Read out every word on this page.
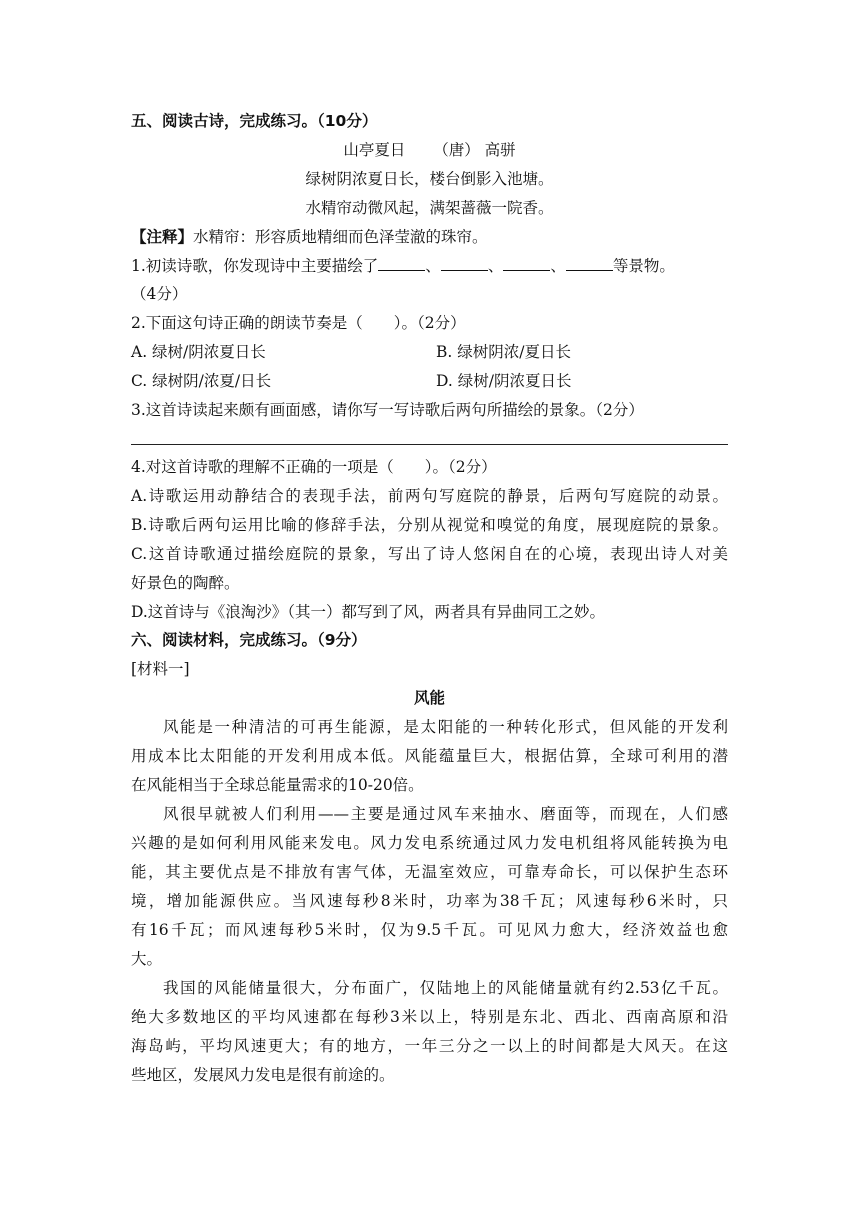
五、阅读古诗，完成练习。（10分）
山亭夏日 （唐） 高骈
绿树阴浓夏日长，楼台倒影入池塘。
水精帘动微风起，满架蔷薇一院香。
【注释】水精帘：形容质地精细而色泽莹澈的珠帘。
1.初读诗歌，你发现诗中主要描绘了	、	、	、	等景物。
（4分）
2.下面这句诗正确的朗读节奏是（　　）。（2分）
A. 绿树/阴浓夏日长	B. 绿树阴浓/夏日长
C. 绿树阴/浓夏/日长	D. 绿树/阴浓夏日长
3.这首诗读起来颇有画面感，请你写一写诗歌后两句所描绘的景象。（2分）
4.对这首诗歌的理解不正确的一项是（　　）。（2分）
A.诗歌运用动静结合的表现手法，前两句写庭院的静景，后两句写庭院的动景。
B.诗歌后两句运用比喻的修辞手法，分别从视觉和嗅觉的角度，展现庭院的景象。
C.这首诗歌通过描绘庭院的景象，写出了诗人悠闲自在的心境，表现出诗人对美
好景色的陶醉。
D.这首诗与《浪淘沙》（其一）都写到了风，两者具有异曲同工之妙。
六、阅读材料，完成练习。（9分）
[材料一]
风能
风能是一种清洁的可再生能源，是太阳能的一种转化形式，但风能的开发利
用成本比太阳能的开发利用成本低。风能蕴量巨大，根据估算，全球可利用的潜
在风能相当于全球总能量需求的10-20倍。
风很早就被人们利用——主要是通过风车来抽水、磨面等，而现在，人们感
兴趣的是如何利用风能来发电。风力发电系统通过风力发电机组将风能转换为电
能，其主要优点是不排放有害气体，无温室效应，可靠寿命长，可以保护生态环
境，增加能源供应。当风速每秒8米时，功率为38千瓦；风速每秒6米时，只
有16千瓦；而风速每秒5米时，仅为9.5千瓦。可见风力愈大，经济效益也愈
大。
我国的风能储量很大，分布面广，仅陆地上的风能储量就有约2.53亿千瓦。
绝大多数地区的平均风速都在每秒3米以上，特别是东北、西北、西南高原和沿
海岛屿，平均风速更大；有的地方，一年三分之一以上的时间都是大风天。在这
些地区，发展风力发电是很有前途的。
